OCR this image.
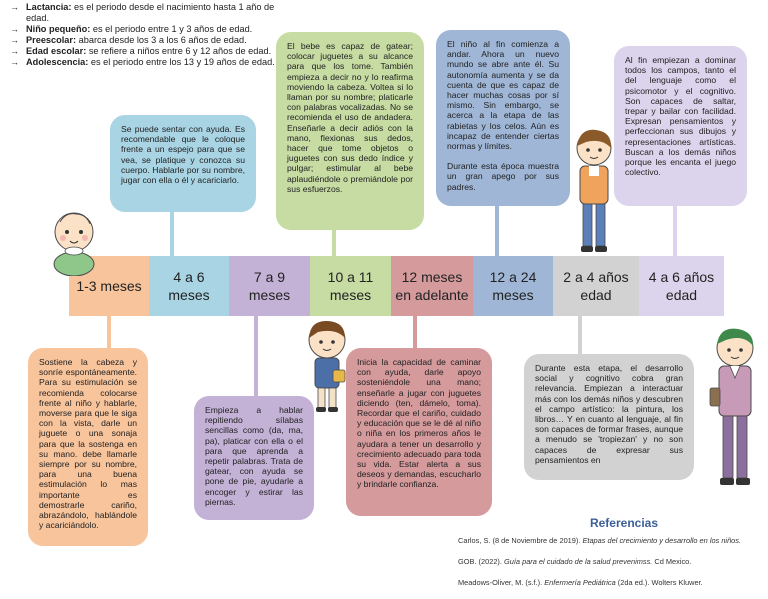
→ Lactancia: es el periodo desde el nacimiento hasta 1 año de edad.
→ Niño pequeño: es el periodo entre 1 y 3 años de edad.
→ Preescolar: abarca desde los 3 a los 6 años de edad.
→ Edad escolar: se refiere a niños entre 6 y 12 años de edad.
→ Adolescencia: es el periodo entre los 13 y 19 años de edad.
Sostiene la cabeza y sonríe espontáneamente. Para su estimulación se recomienda colocarse frente al niño y hablarle, moverse para que le siga con la vista, darle un juguete o una sonaja para que la sostenga en su mano. debe llamarle siempre por su nombre, para una buena estimulación lo mas importante es demostrarle cariño, abrazándolo, hablándole y acariciándolo.
Se puede sentar con ayuda. Es recomendable que le coloque frente a un espejo para que se vea, se platique y conozca su cuerpo. Hablarle por su nombre, jugar con ella o él y acariciarlo.
Empieza a hablar repitiendo sílabas sencillas como (da, ma, pa), platicar con ella o el para que aprenda a repetir palabras. Trata de gatear, con ayuda se pone de pie, ayudarle a encoger y estirar las piernas.
El bebe es capaz de gatear; colocar juguetes a su alcance para que los tome. También empieza a decir no y lo reafirma moviendo la cabeza. Voltea si lo llaman por su nombre; platicarle con palabras vocalizadas. No se recomienda el uso de andadera. Enseñarle a decir adiós con la mano, flexionas sus dedos, hacer que tome objetos o juguetes con sus dedo índice y pulgar; estimular al bebe aplaudiéndole o premiándole por sus esfuerzos.
Inicia la capacidad de caminar con ayuda, darle apoyo sosteniéndole una mano; enseñarle a jugar con juguetes diciendo (ten, dámelo, toma). Recordar que el cariño, cuidado y educación que se le dé al niño o niña en los primeros años le ayudara a tener un desarrollo y crecimiento adecuado para toda su vida. Estar alerta a sus deseos y demandas, escucharlo y brindarle confianza.
El niño al fin comienza a andar. Ahora un nuevo mundo se abre ante él. Su autonomía aumenta y se da cuenta de que es capaz de hacer muchas cosas por sí mismo. Sin embargo, se acerca a la etapa de las rabietas y los celos. Aún es incapaz de entender ciertas normas y límites.
Durante esta época muestra un gran apego por sus padres.
Durante esta etapa, el desarrollo social y cognitivo cobra gran relevancia. Empiezan a interactuar más con los demás niños y descubren el campo artístico: la pintura, los libros… Y en cuanto al lenguaje, al fin son capaces de formar frases, aunque a menudo se 'tropiezan' y no son capaces de expresar sus pensamientos en
Al fin empiezan a dominar todos los campos, tanto el del lenguaje como el psicomotor y el cognitivo. Son capaces de saltar, trepar y bailar con facilidad. Expresan pensamientos y perfeccionan sus dibujos y representaciones artísticas. Buscan a los demás niños porque les encanta el juego colectivo.
1-3 meses
4 a 6 meses
7 a 9 meses
10 a 11 meses
12 meses en adelante
12 a 24 meses
2 a 4 años edad
4 a 6 años edad
Referencias

Carlos, S. (8 de Noviembre de 2019). Etapas del crecimiento y desarrollo en los niños.

GOB. (2022). Guía para el cuidado de la salud prevenimss. Cd Mexico.

Meadows-Oliver, M. (s.f.). Enfermería Pediátrica (2da ed.). Wolters Kluwer.
